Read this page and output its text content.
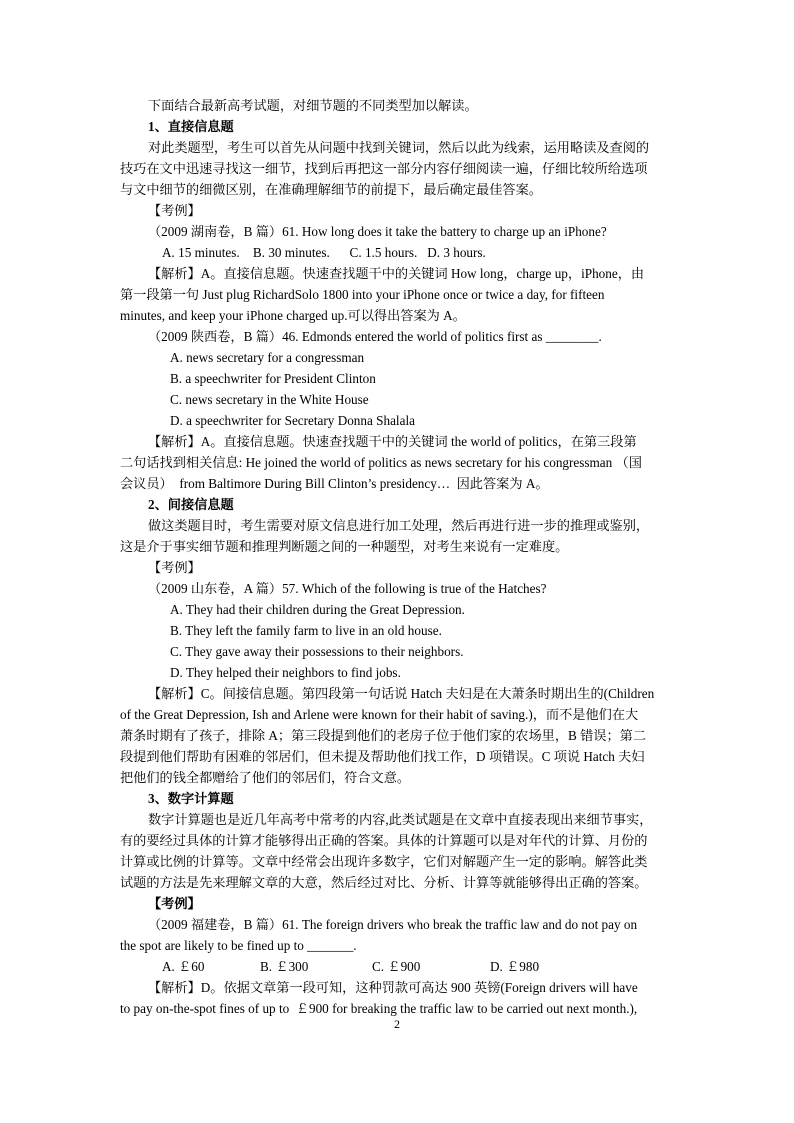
下面结合最新高考试题，对细节题的不同类型加以解读。
1、直接信息题
对此类题型，考生可以首先从问题中找到关键词，然后以此为线索，运用略读及查阅的
技巧在文中迅速寻找这一细节，找到后再把这一部分内容仔细阅读一遍，仔细比较所给选项
与文中细节的细微区别，在准确理解细节的前提下，最后确定最佳答案。
【考例】
（2009 湖南卷，B 篇）61. How long does it take the battery to charge up an iPhone?
A. 15 minutes.    B. 30 minutes.      C. 1.5 hours.   D. 3 hours.
【解析】A。直接信息题。快速查找题干中的关键词 How long，charge up，iPhone，由
第一段第一句 Just plug RichardSolo 1800 into your iPhone once or twice a day, for fifteen
minutes, and keep your iPhone charged up.可以得出答案为 A。
（2009 陕西卷，B 篇）46. Edmonds entered the world of politics first as ________.
A. news secretary for a congressman
B. a speechwriter for President Clinton
C. news secretary in the White House
D. a speechwriter for Secretary Donna Shalala
【解析】A。直接信息题。快速查找题干中的关键词 the world of politics，在第三段第
二句话找到相关信息: He joined the world of politics as news secretary for his congressman （国
会议员）  from Baltimore During Bill Clinton’s presidency…  因此答案为 A。
2、间接信息题
做这类题目时，考生需要对原文信息进行加工处理，然后再进行进一步的推理或鉴别，
这是介于事实细节题和推理判断题之间的一种题型，对考生来说有一定难度。
【考例】
（2009 山东卷，A 篇）57. Which of the following is true of the Hatches?
A. They had their children during the Great Depression.
B. They left the family farm to live in an old house.
C. They gave away their possessions to their neighbors.
D. They helped their neighbors to find jobs.
【解析】C。间接信息题。第四段第一句话说 Hatch 夫妇是在大萧条时期出生的(Children
of the Great Depression, Ish and Arlene were known for their habit of saving.)，而不是他们在大
萧条时期有了孩子，排除 A；第三段提到他们的老房子位于他们家的农场里，B 错误；第二
段提到他们帮助有困难的邻居们，但未提及帮助他们找工作，D 项错误。C 项说 Hatch 夫妇
把他们的钱全都赠给了他们的邻居们，符合文意。
3、数字计算题
数字计算题也是近几年高考中常考的内容,此类试题是在文章中直接表现出来细节事实，
有的要经过具体的计算才能够得出正确的答案。具体的计算题可以是对年代的计算、月份的
计算或比例的计算等。文章中经常会出现许多数字，它们对解题产生一定的影响。解答此类
试题的方法是先来理解文章的大意，然后经过对比、分析、计算等就能够得出正确的答案。
【考例】
（2009 福建卷，B 篇）61. The foreign drivers who break the traffic law and do not pay on
the spot are likely to be fined up to _______.
A. ￡60	B. ￡300	C. ￡900	D. ￡980
【解析】D。依据文章第一段可知，这种罚款可高达 900 英镑(Foreign drivers will have
to pay on-the-spot fines of up to  ￡900 for breaking the traffic law to be carried out next month.),
2
